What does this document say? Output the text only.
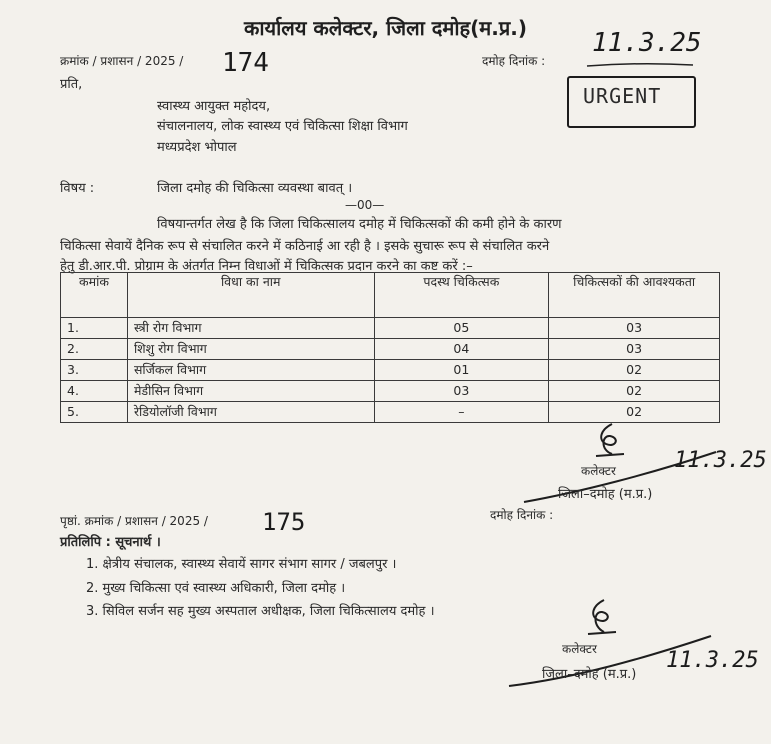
कार्यालय कलेक्टर, जिला दमोह(म.प्र.)
क्रमांक / प्रशासन / 2025 / 174	दमोह दिनांक :
11.3.25
प्रति,	URGENT
स्वास्थ्य आयुक्त महोदय,
संचालनालय, लोक स्वास्थ्य एवं चिकित्सा शिक्षा विभाग
मध्यप्रदेश भोपाल
विषय :	जिला दमोह की चिकित्सा व्यवस्था बावत् ।
—00—
विषयान्तर्गत लेख है कि जिला चिकित्सालय दमोह में चिकित्सकों की कमी होने के कारण
चिकित्सा सेवायें दैनिक रूप से संचालित करने में कठिनाई आ रही है । इसके सुचारू रूप से संचालित करने
हेतु डी.आर.पी. प्रोग्राम के अंतर्गत निम्न विधाओं में चिकित्सक प्रदान करने का कष्ट करें :–
कमांक	विधा का नाम	पदस्थ चिकित्सक	चिकित्सकों की आवश्यकता
1.	स्त्री रोग विभाग	05	03
2.	शिशु रोग विभाग	04	03
3.	सर्जिकल विभाग	01	02
4.	मेडीसिन विभाग	03	02
5.	रेडियोलॉजी विभाग	–	02
कलेक्टर
जिला–दमोह (म.प्र.)
11.3.25
पृष्ठां. क्रमांक / प्रशासन / 2025 / 175	दमोह दिनांक :
प्रतिलिपि : सूचनार्थ ।
1. क्षेत्रीय संचालक, स्वास्थ्य सेवायें सागर संभाग सागर / जबलपुर ।
2. मुख्य चिकित्सा एवं स्वास्थ्य अधिकारी, जिला दमोह ।
3. सिविल सर्जन सह मुख्य अस्पताल अधीक्षक, जिला चिकित्सालय दमोह ।
कलेक्टर
जिला–दमोह (म.प्र.)
11.3.25
